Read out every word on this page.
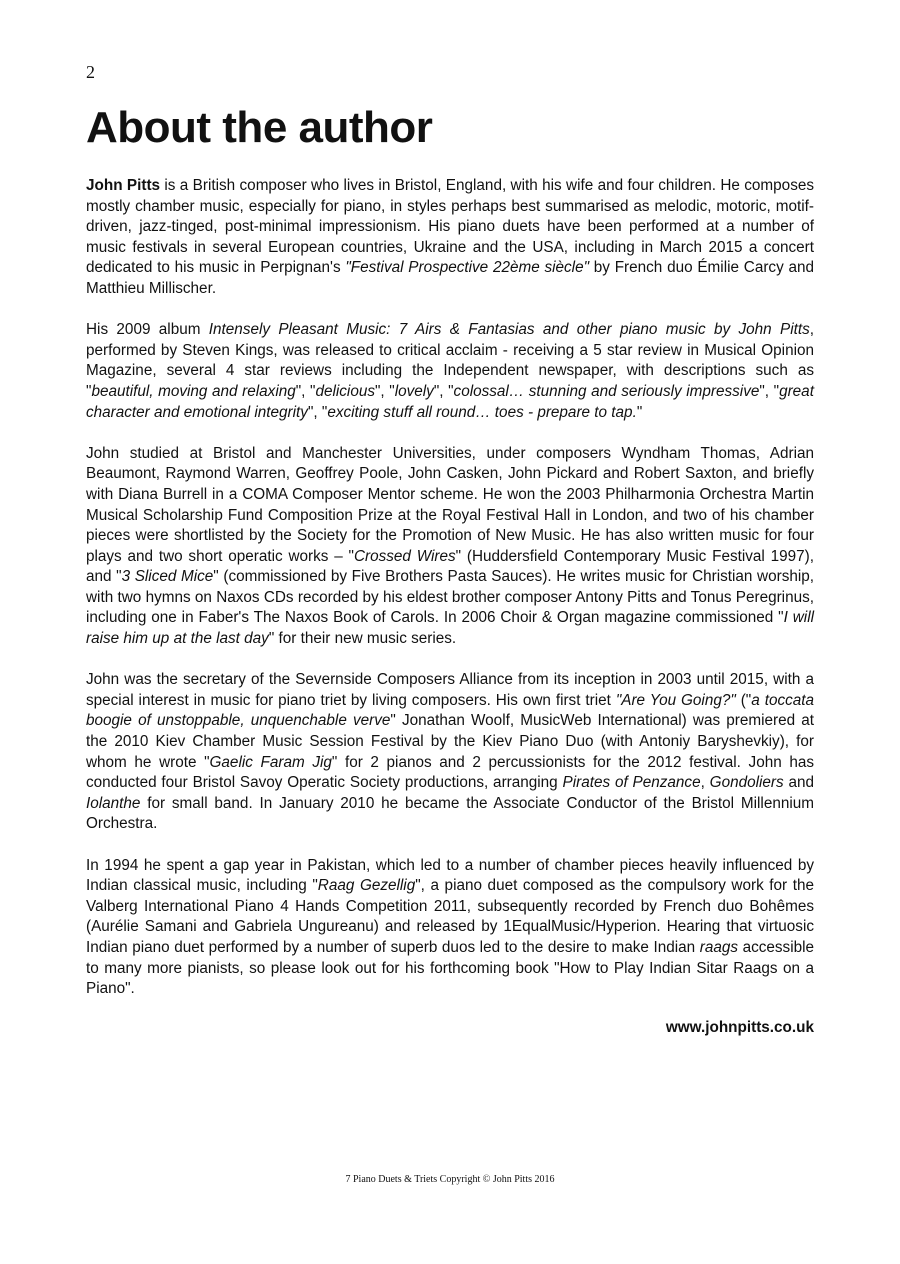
2
About the author

John Pitts is a British composer who lives in Bristol, England, with his wife and four children. He composes mostly chamber music, especially for piano, in styles perhaps best summarised as melodic, motoric, motif-driven, jazz-tinged, post-minimal impressionism. His piano duets have been performed at a number of music festivals in several European countries, Ukraine and the USA, including in March 2015 a concert dedicated to his music in Perpignan's "Festival Prospective 22ème siècle" by French duo Émilie Carcy and Matthieu Millischer.

His 2009 album Intensely Pleasant Music: 7 Airs & Fantasias and other piano music by John Pitts, performed by Steven Kings, was released to critical acclaim - receiving a 5 star review in Musical Opinion Magazine, several 4 star reviews including the Independent newspaper, with descriptions such as "beautiful, moving and relaxing", "delicious", "lovely", "colossal… stunning and seriously impressive", "great character and emotional integrity", "exciting stuff all round… toes - prepare to tap."

John studied at Bristol and Manchester Universities, under composers Wyndham Thomas, Adrian Beaumont, Raymond Warren, Geoffrey Poole, John Casken, John Pickard and Robert Saxton, and briefly with Diana Burrell in a COMA Composer Mentor scheme. He won the 2003 Philharmonia Orchestra Martin Musical Scholarship Fund Composition Prize at the Royal Festival Hall in London, and two of his chamber pieces were shortlisted by the Society for the Promotion of New Music. He has also written music for four plays and two short operatic works – "Crossed Wires" (Huddersfield Contemporary Music Festival 1997), and "3 Sliced Mice" (commissioned by Five Brothers Pasta Sauces). He writes music for Christian worship, with two hymns on Naxos CDs recorded by his eldest brother composer Antony Pitts and Tonus Peregrinus, including one in Faber's The Naxos Book of Carols. In 2006 Choir & Organ magazine commissioned "I will raise him up at the last day" for their new music series.

John was the secretary of the Severnside Composers Alliance from its inception in 2003 until 2015, with a special interest in music for piano triet by living composers. His own first triet "Are You Going?" ("a toccata boogie of unstoppable, unquenchable verve" Jonathan Woolf, MusicWeb International) was premiered at the 2010 Kiev Chamber Music Session Festival by the Kiev Piano Duo (with Antoniy Baryshevkiy), for whom he wrote "Gaelic Faram Jig" for 2 pianos and 2 percussionists for the 2012 festival. John has conducted four Bristol Savoy Operatic Society productions, arranging Pirates of Penzance, Gondoliers and Iolanthe for small band. In January 2010 he became the Associate Conductor of the Bristol Millennium Orchestra.

In 1994 he spent a gap year in Pakistan, which led to a number of chamber pieces heavily influenced by Indian classical music, including "Raag Gezellig", a piano duet composed as the compulsory work for the Valberg International Piano 4 Hands Competition 2011, subsequently recorded by French duo Bohêmes (Aurélie Samani and Gabriela Ungureanu) and released by 1EqualMusic/Hyperion. Hearing that virtuosic Indian piano duet performed by a number of superb duos led to the desire to make Indian raags accessible to many more pianists, so please look out for his forthcoming book "How to Play Indian Sitar Raags on a Piano".

www.johnpitts.co.uk
7 Piano Duets & Triets Copyright © John Pitts 2016
